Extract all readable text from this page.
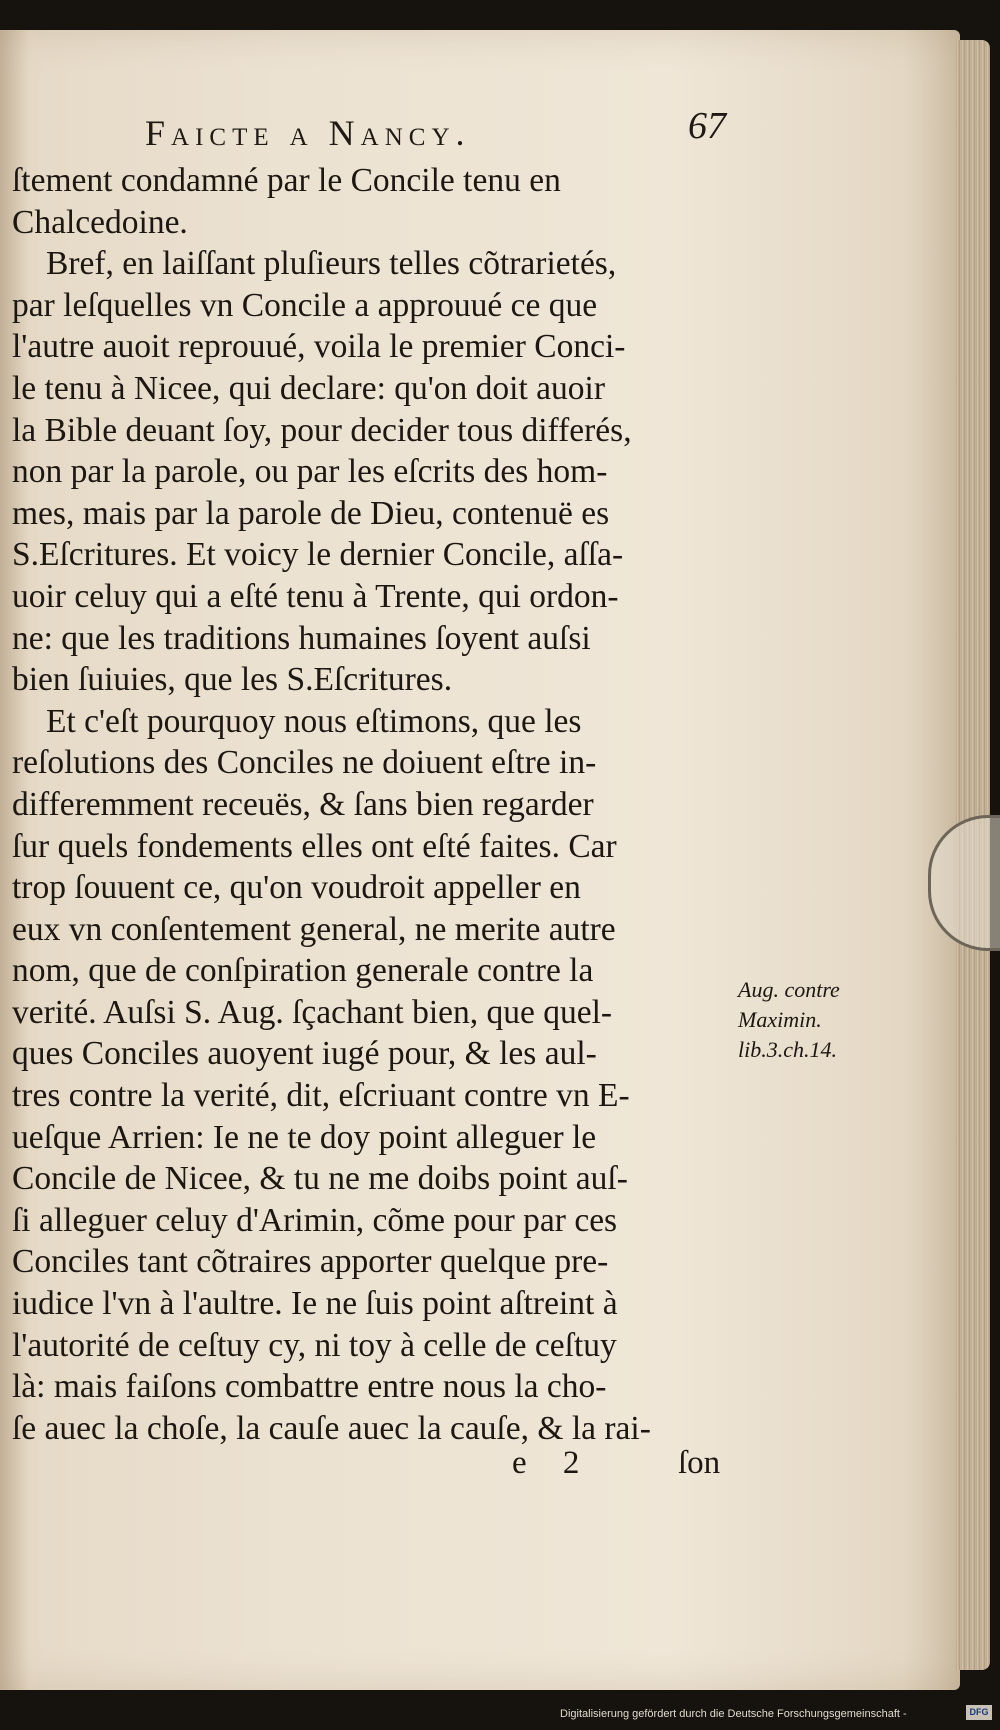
Faicte a Nancy.	67
ſtement condamné par le Concile tenu en
Chalcedoine.
Bref, en laiſſant pluſieurs telles cõtrarietés,
par leſquelles vn Concile a approuué ce que
l'autre auoit reprouué, voila le premier Conci-
le tenu à Nicee, qui declare: qu'on doit auoir
la Bible deuant ſoy, pour decider tous differés,
non par la parole, ou par les eſcrits des hom-
mes, mais par la parole de Dieu, contenuë es
S.Eſcritures. Et voicy le dernier Concile, aſſa-
uoir celuy qui a eſté tenu à Trente, qui ordon-
ne: que les traditions humaines ſoyent auſsi
bien ſuiuies, que les S.Eſcritures.
Et c'eſt pourquoy nous eſtimons, que les
reſolutions des Conciles ne doiuent eſtre in-
differemment receuës, & ſans bien regarder
ſur quels fondements elles ont eſté faites. Car
trop ſouuent ce, qu'on voudroit appeller en
eux vn conſentement general, ne merite autre
nom, que de conſpiration generale contre la
verité. Auſsi S. Aug. ſçachant bien, que quel-
ques Conciles auoyent iugé pour, & les aul-
tres contre la verité, dit, eſcriuant contre vn E-
ueſque Arrien: Ie ne te doy point alleguer le
Concile de Nicee, & tu ne me doibs point auſ-
ſi alleguer celuy d'Arimin, cõme pour par ces
Conciles tant cõtraires apporter quelque pre-
iudice l'vn à l'aultre. Ie ne ſuis point aſtreint à
l'autorité de ceſtuy cy, ni toy à celle de ceſtuy
là: mais faiſons combattre entre nous la cho-
ſe auec la choſe, la cauſe auec la cauſe, & la rai-
Aug. contre
Maximin.
lib.3.ch.14.
e 2	ſon
Digitalisierung gefördert durch die Deutsche Forschungsgemeinschaft -	DFG
